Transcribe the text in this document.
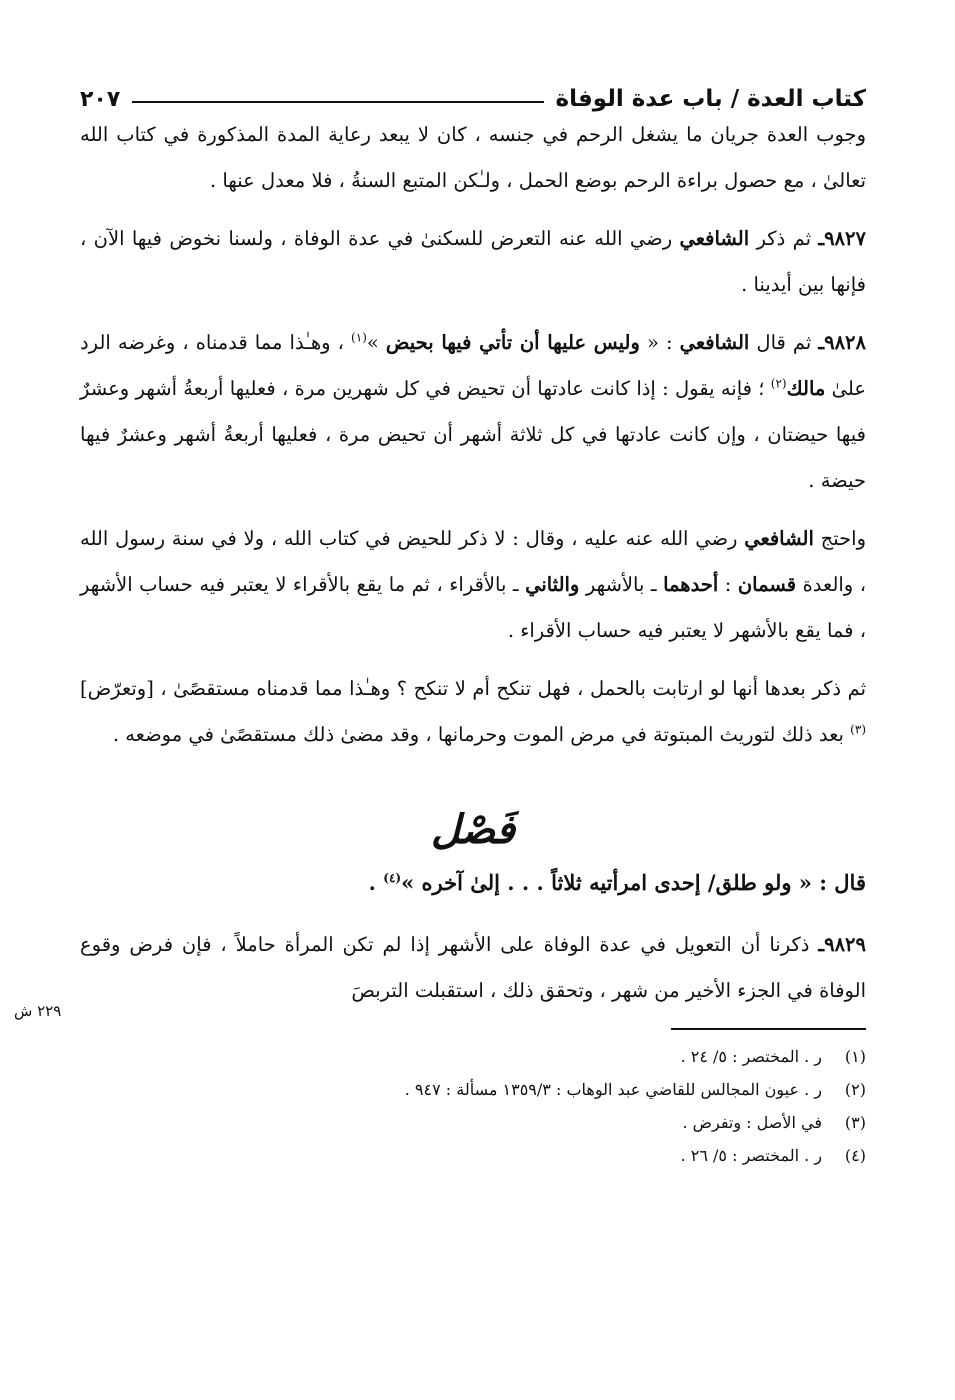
كتاب العدة / باب عدة الوفاة
٢٠٧

وجوب العدة جريان ما يشغل الرحم في جنسه ، كان لا يبعد رعاية المدة المذكورة في كتاب الله تعالىٰ ، مع حصول براءة الرحم بوضع الحمل ، ولـٰكن المتبع السنةُ ، فلا معدل عنها .

٩٨٢٧ـ ثم ذكر الشافعي رضي الله عنه التعرض للسكنىٰ في عدة الوفاة ، ولسنا نخوض فيها الآن ، فإنها بين أيدينا .

٩٨٢٨ـ ثم قال الشافعي : « وليس عليها أن تأتي فيها بحيض »$^{(١)}$ ، وهـٰذا مما قدمناه ، وغرضه الرد علىٰ مالك$^{(٢)}$ ؛ فإنه يقول : إذا كانت عادتها أن تحيض في كل شهرين مرة ، فعليها أربعةُ أشهر وعشرٌ فيها حيضتان ، وإن كانت عادتها في كل ثلاثة أشهر أن تحيض مرة ، فعليها أربعةُ أشهر وعشرٌ فيها حيضة .

واحتج الشافعي رضي الله عنه عليه ، وقال : لا ذكر للحيض في كتاب الله ، ولا في سنة رسول الله ، والعدة قسمان : أحدهما ـ بالأشهر والثاني ـ بالأقراء ، ثم ما يقع بالأقراء لا يعتبر فيه حساب الأشهر ، فما يقع بالأشهر لا يعتبر فيه حساب الأقراء .

ثم ذكر بعدها أنها لو ارتابت بالحمل ، فهل تنكح أم لا تنكح ؟ وهـٰذا مما قدمناه مستقصًىٰ ، [وتعرّض]$^{(٣)}$ بعد ذلك لتوريث المبتوتة في مرض الموت وحرمانها ، وقد مضىٰ ذلك مستقصًىٰ في موضعه .

فَصْل

قال : « ولو طلق/ إحدى امرأتيه ثلاثاً . . . إلىٰ آخره »$^{(٤)}$ .

٩٨٢٩ـ ذكرنا أن التعويل في عدة الوفاة على الأشهر إذا لم تكن المرأة حاملاً ، فإن فرض وقوع الوفاة في الجزء الأخير من شهر ، وتحقق ذلك ، استقبلت التربصَ

(١)
ر . المختصر : ٥/ ٢٤ .
(٢)
ر . عيون المجالس للقاضي عبد الوهاب : ١٣٥٩/٣ مسألة : ٩٤٧ .
(٣)
في الأصل : وتفرض .
(٤)
ر . المختصر : ٥/ ٢٦ .
٢٢٩ ش
